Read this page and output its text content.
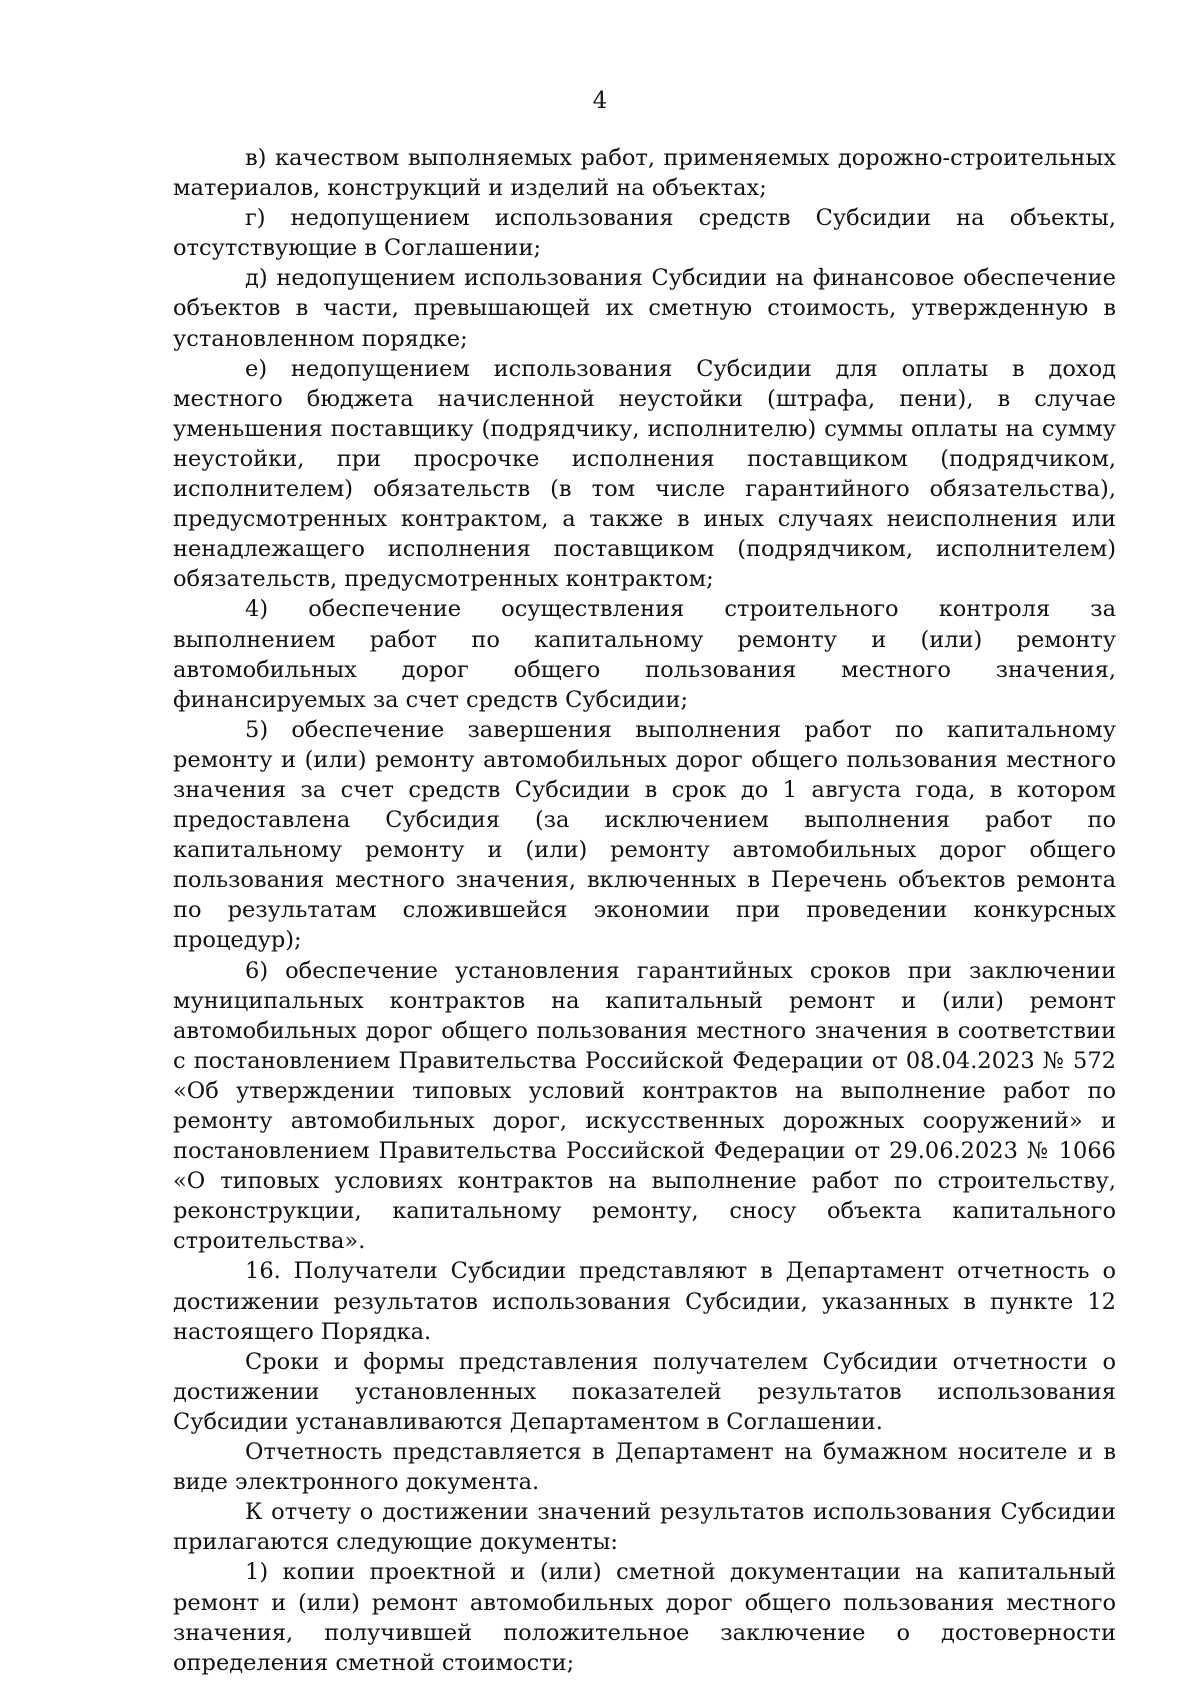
4

в) качеством выполняемых работ, применяемых дорожно-строительных материалов, конструкций и изделий на объектах;

г) недопущением использования средств Субсидии на объекты, отсутствующие в Соглашении;

д) недопущением использования Субсидии на финансовое обеспечение объектов в части, превышающей их сметную стоимость, утвержденную в установленном порядке;

е) недопущением использования Субсидии для оплаты в доход местного бюджета начисленной неустойки (штрафа, пени), в случае уменьшения поставщику (подрядчику, исполнителю) суммы оплаты на сумму неустойки, при просрочке исполнения поставщиком (подрядчиком, исполнителем) обязательств (в том числе гарантийного обязательства), предусмотренных контрактом, а также в иных случаях неисполнения или ненадлежащего исполнения поставщиком (подрядчиком, исполнителем) обязательств, предусмотренных контрактом;

4) обеспечение осуществления строительного контроля за выполнением работ по капитальному ремонту и (или) ремонту автомобильных дорог общего пользования местного значения, финансируемых за счет средств Субсидии;

5) обеспечение завершения выполнения работ по капитальному ремонту и (или) ремонту автомобильных дорог общего пользования местного значения за счет средств Субсидии в срок до 1 августа года, в котором предоставлена Субсидия (за исключением выполнения работ по капитальному ремонту и (или) ремонту автомобильных дорог общего пользования местного значения, включенных в Перечень объектов ремонта по результатам сложившейся экономии при проведении конкурсных процедур);

6) обеспечение установления гарантийных сроков при заключении муниципальных контрактов на капитальный ремонт и (или) ремонт автомобильных дорог общего пользования местного значения в соответствии с постановлением Правительства Российской Федерации от 08.04.2023 № 572 «Об утверждении типовых условий контрактов на выполнение работ по ремонту автомобильных дорог, искусственных дорожных сооружений» и постановлением Правительства Российской Федерации от 29.06.2023 № 1066 «О типовых условиях контрактов на выполнение работ по строительству, реконструкции, капитальному ремонту, сносу объекта капитального строительства».

16. Получатели Субсидии представляют в Департамент отчетность о достижении результатов использования Субсидии, указанных в пункте 12 настоящего Порядка.

Сроки и формы представления получателем Субсидии отчетности о достижении установленных показателей результатов использования Субсидии устанавливаются Департаментом в Соглашении.

Отчетность представляется в Департамент на бумажном носителе и в виде электронного документа.

К отчету о достижении значений результатов использования Субсидии прилагаются следующие документы:

1) копии проектной и (или) сметной документации на капитальный ремонт и (или) ремонт автомобильных дорог общего пользования местного значения, получившей положительное заключение о достоверности определения сметной стоимости;
